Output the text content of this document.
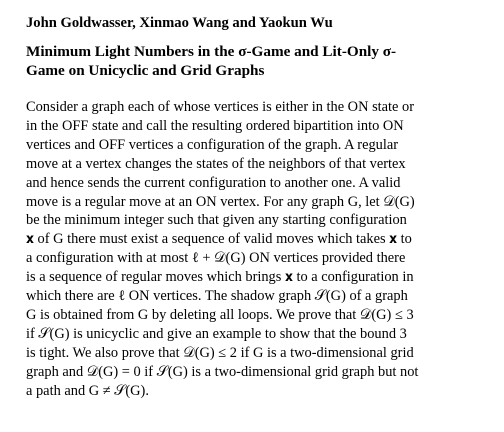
John Goldwasser, Xinmao Wang and Yaokun Wu
Minimum Light Numbers in the σ-Game and Lit-Only σ-
Game on Unicyclic and Grid Graphs
Consider a graph each of whose vertices is either in the ON state or
in the OFF state and call the resulting ordered bipartition into ON
vertices and OFF vertices a configuration of the graph. A regular
move at a vertex changes the states of the neighbors of that vertex
and hence sends the current configuration to another one. A valid
move is a regular move at an ON vertex. For any graph G, let 𝒟(G)
be the minimum integer such that given any starting configuration
𝐱 of G there must exist a sequence of valid moves which takes 𝐱 to
a configuration with at most ℓ + 𝒟(G) ON vertices provided there
is a sequence of regular moves which brings 𝐱 to a configuration in
which there are ℓ ON vertices. The shadow graph 𝒮(G) of a graph
G is obtained from G by deleting all loops. We prove that 𝒟(G) ≤ 3
if 𝒮(G) is unicyclic and give an example to show that the bound 3
is tight. We also prove that 𝒟(G) ≤ 2 if G is a two-dimensional grid
graph and 𝒟(G) = 0 if 𝒮(G) is a two-dimensional grid graph but not
a path and G ≠ 𝒮(G).
